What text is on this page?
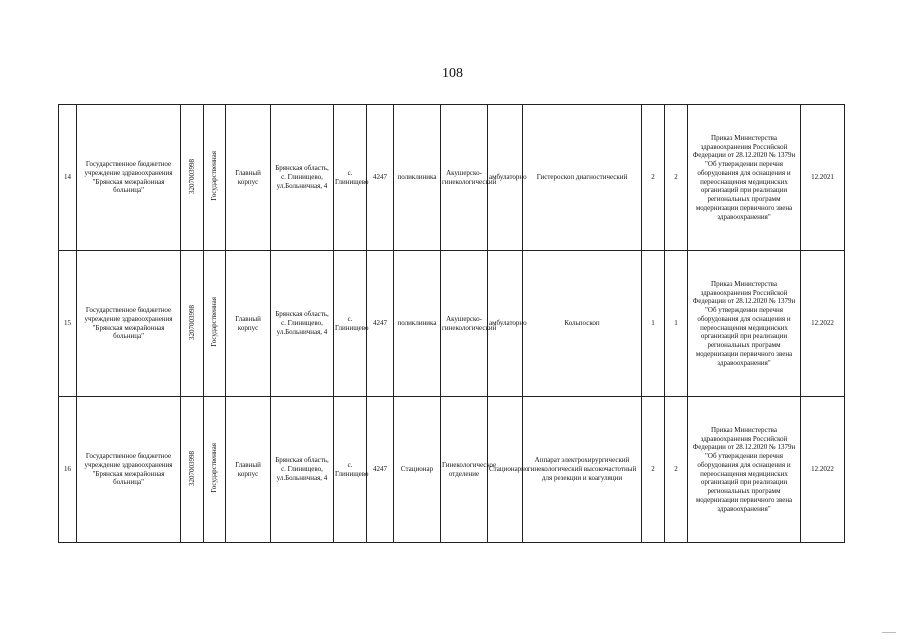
108
14	Государственное бюджетное учреждение здравоохранения "Брянская межрайонная больница"	3207003998	Государственная	Главный корпус	Брянская область, с. Глинищево, ул.Больничная, 4	с. Глинищево	4247	поликлиника	Акушерско-гинекологический	амбулаторно	Гистероскоп диагностический	2	2	Приказ Министерства здравоохранения Российской Федерации от 28.12.2020 № 1379н "Об утверждении перечня оборудования для оснащения и переоснащения медицинских организаций при реализации региональных программ модернизации первичного звена здравоохранения"	12.2021
15	Государственное бюджетное учреждение здравоохранения "Брянская межрайонная больница"	3207003998	Государственная	Главный корпус	Брянская область, с. Глинищево, ул.Больничная, 4	с. Глинищево	4247	поликлиника	Акушерско-гинекологический	амбулаторно	Кольпоскоп	1	1	Приказ Министерства здравоохранения Российской Федерации от 28.12.2020 № 1379н "Об утверждении перечня оборудования для оснащения и переоснащения медицинских организаций при реализации региональных программ модернизации первичного звена здравоохранения"	12.2022
16	Государственное бюджетное учреждение здравоохранения "Брянская межрайонная больница"	3207003998	Государственная	Главный корпус	Брянская область, с. Глинищево, ул.Больничная, 4	с. Глинищево	4247	Стационар	Гинекологическое отделение	Стационарно	Аппарат электрохирургический гинекологический высокочастотный для резекции и коагуляции	2	2	Приказ Министерства здравоохранения Российской Федерации от 28.12.2020 № 1379н "Об утверждении перечня оборудования для оснащения и переоснащения медицинских организаций при реализации региональных программ модернизации первичного звена здравоохранения"	12.2022
